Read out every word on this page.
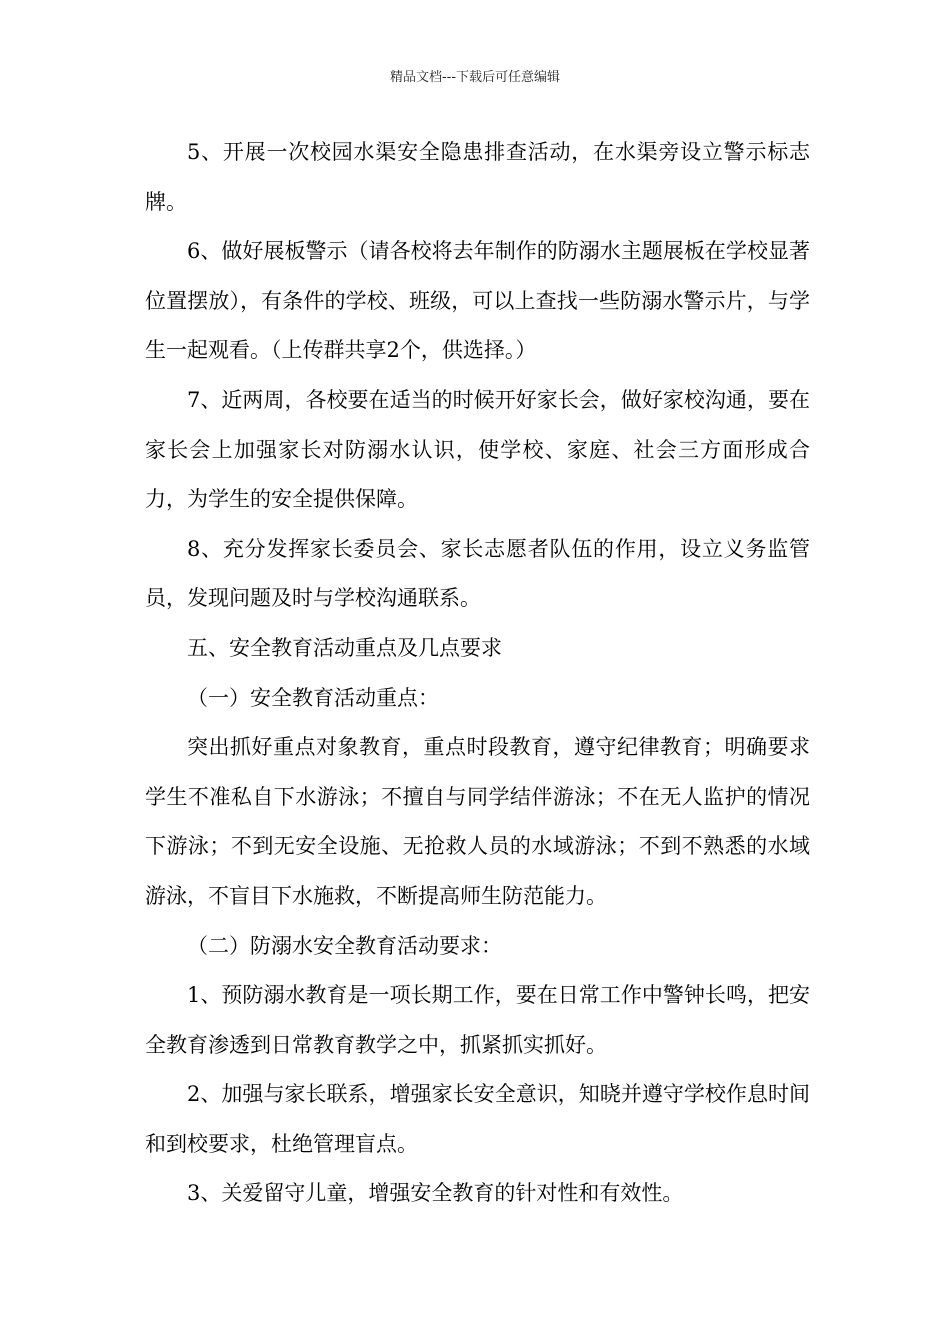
精品文档---下载后可任意编辑

5、开展一次校园水渠安全隐患排查活动，在水渠旁设立警示标志牌。

6、做好展板警示（请各校将去年制作的防溺水主题展板在学校显著位置摆放），有条件的学校、班级，可以上查找一些防溺水警示片，与学生一起观看。（上传群共享2个，供选择。）

7、近两周，各校要在适当的时候开好家长会，做好家校沟通，要在家长会上加强家长对防溺水认识，使学校、家庭、社会三方面形成合力，为学生的安全提供保障。

8、充分发挥家长委员会、家长志愿者队伍的作用，设立义务监管员，发现问题及时与学校沟通联系。

五、安全教育活动重点及几点要求

（一）安全教育活动重点：

突出抓好重点对象教育，重点时段教育，遵守纪律教育；明确要求学生不准私自下水游泳；不擅自与同学结伴游泳；不在无人监护的情况下游泳；不到无安全设施、无抢救人员的水域游泳；不到不熟悉的水域游泳，不盲目下水施救，不断提高师生防范能力。

（二）防溺水安全教育活动要求：

1、预防溺水教育是一项长期工作，要在日常工作中警钟长鸣，把安全教育渗透到日常教育教学之中，抓紧抓实抓好。

2、加强与家长联系，增强家长安全意识，知晓并遵守学校作息时间和到校要求，杜绝管理盲点。

3、关爱留守儿童，增强安全教育的针对性和有效性。
